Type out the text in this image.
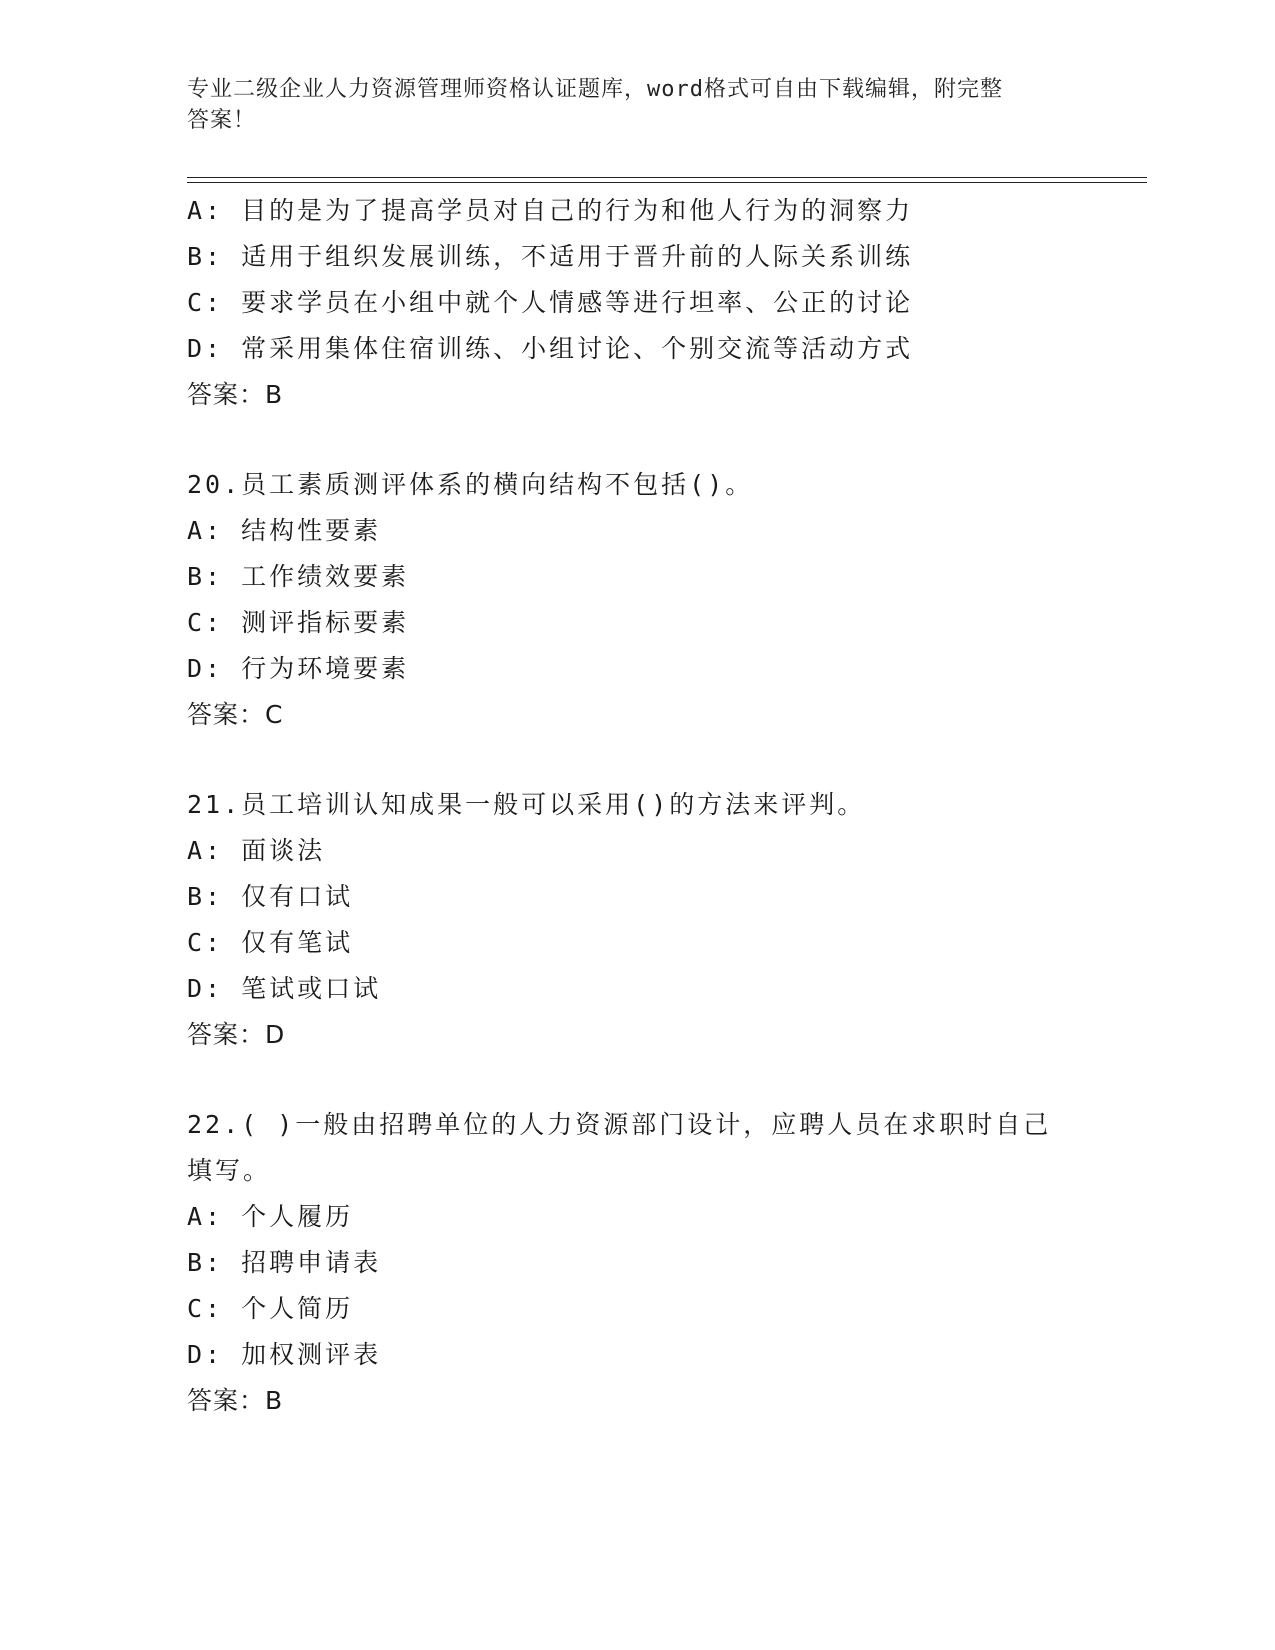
专业二级企业人力资源管理师资格认证题库，word格式可自由下载编辑，附完整
答案！
A: 目的是为了提高学员对自己的行为和他人行为的洞察力
B: 适用于组织发展训练，不适用于晋升前的人际关系训练
C: 要求学员在小组中就个人情感等进行坦率、公正的讨论
D: 常采用集体住宿训练、小组讨论、个别交流等活动方式
答案：B
20.员工素质测评体系的横向结构不包括()。
A: 结构性要素
B: 工作绩效要素
C: 测评指标要素
D: 行为环境要素
答案：C
21.员工培训认知成果一般可以采用()的方法来评判。
A: 面谈法
B: 仅有口试
C: 仅有笔试
D: 笔试或口试
答案：D
22.( )一般由招聘单位的人力资源部门设计，应聘人员在求职时自己填写。
A: 个人履历
B: 招聘申请表
C: 个人简历
D: 加权测评表
答案：B
